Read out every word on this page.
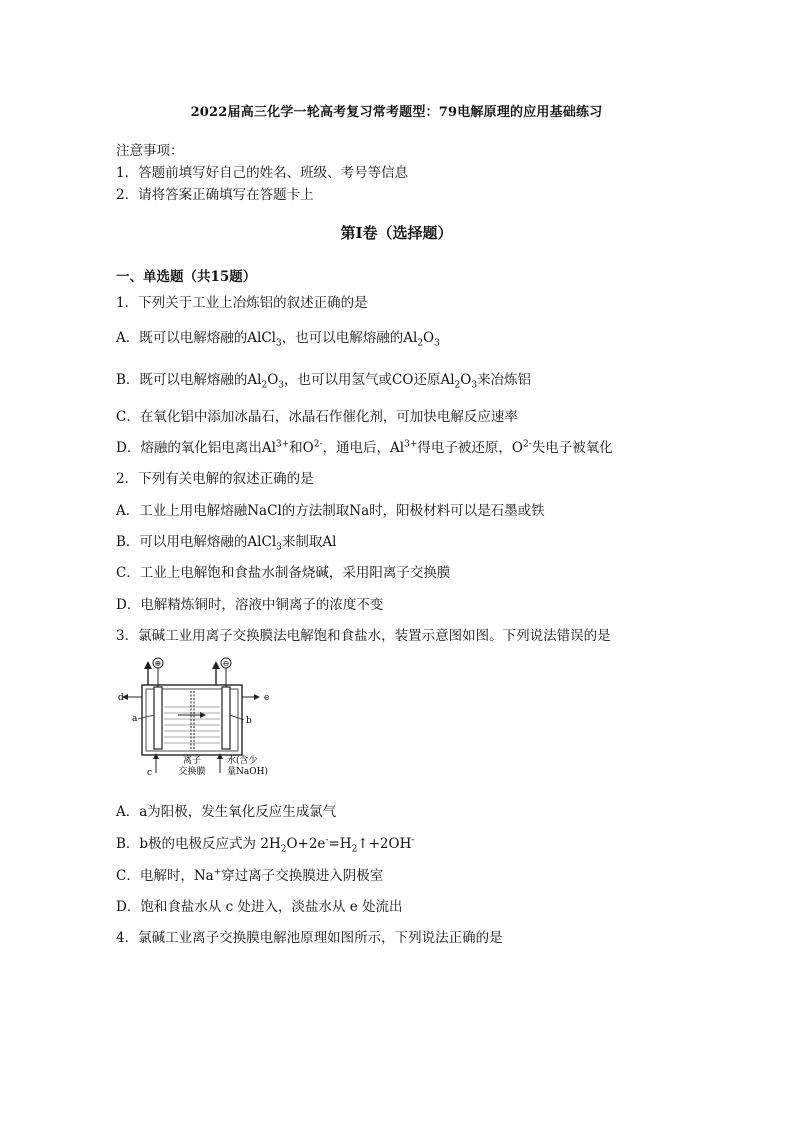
2022届高三化学一轮高考复习常考题型：79电解原理的应用基础练习
注意事项：
1．答题前填写好自己的姓名、班级、考号等信息
2．请将答案正确填写在答题卡上
第I卷（选择题）
一、单选题（共15题）
1．下列关于工业上冶炼铝的叙述正确的是
A．既可以电解熔融的AlCl$_3$，也可以电解熔融的$Al_2O_3$
B．既可以电解熔融的$Al_2O_3$，也可以用氢气或CO还原$Al_2O_3$来冶炼铝
C．在氧化铝中添加冰晶石，冰晶石作催化剂，可加快电解反应速率
D．熔融的氧化铝电离出$Al^{3+}$和$O^{2-}$，通电后，$Al^{3+}$得电子被还原，$O^{2-}$失电子被氧化
2．下列有关电解的叙述正确的是
A．工业上用电解熔融NaCl的方法制取Na时，阳极材料可以是石墨或铁
B．可以用电解熔融的AlCl$_3$来制取Al
C．工业上电解饱和食盐水制备烧碱，采用阳离子交换膜
D．电解精炼铜时，溶液中铜离子的浓度不变
3．氯碱工业用离子交换膜法电解饱和食盐水，装置示意图如图。下列说法错误的是
⊕	⊖
d	e
a	b
c
离子
交换膜
水(含少
量NaOH)
A．a为阳极，发生氧化反应生成氯气
B．b极的电极反应式为 $2H_2O+2e^-=H_2↑+2OH^-$
C．电解时，Na+穿过离子交换膜进入阴极室
D．饱和食盐水从 c 处进入，淡盐水从 e 处流出
4．氯碱工业离子交换膜电解池原理如图所示，下列说法正确的是
